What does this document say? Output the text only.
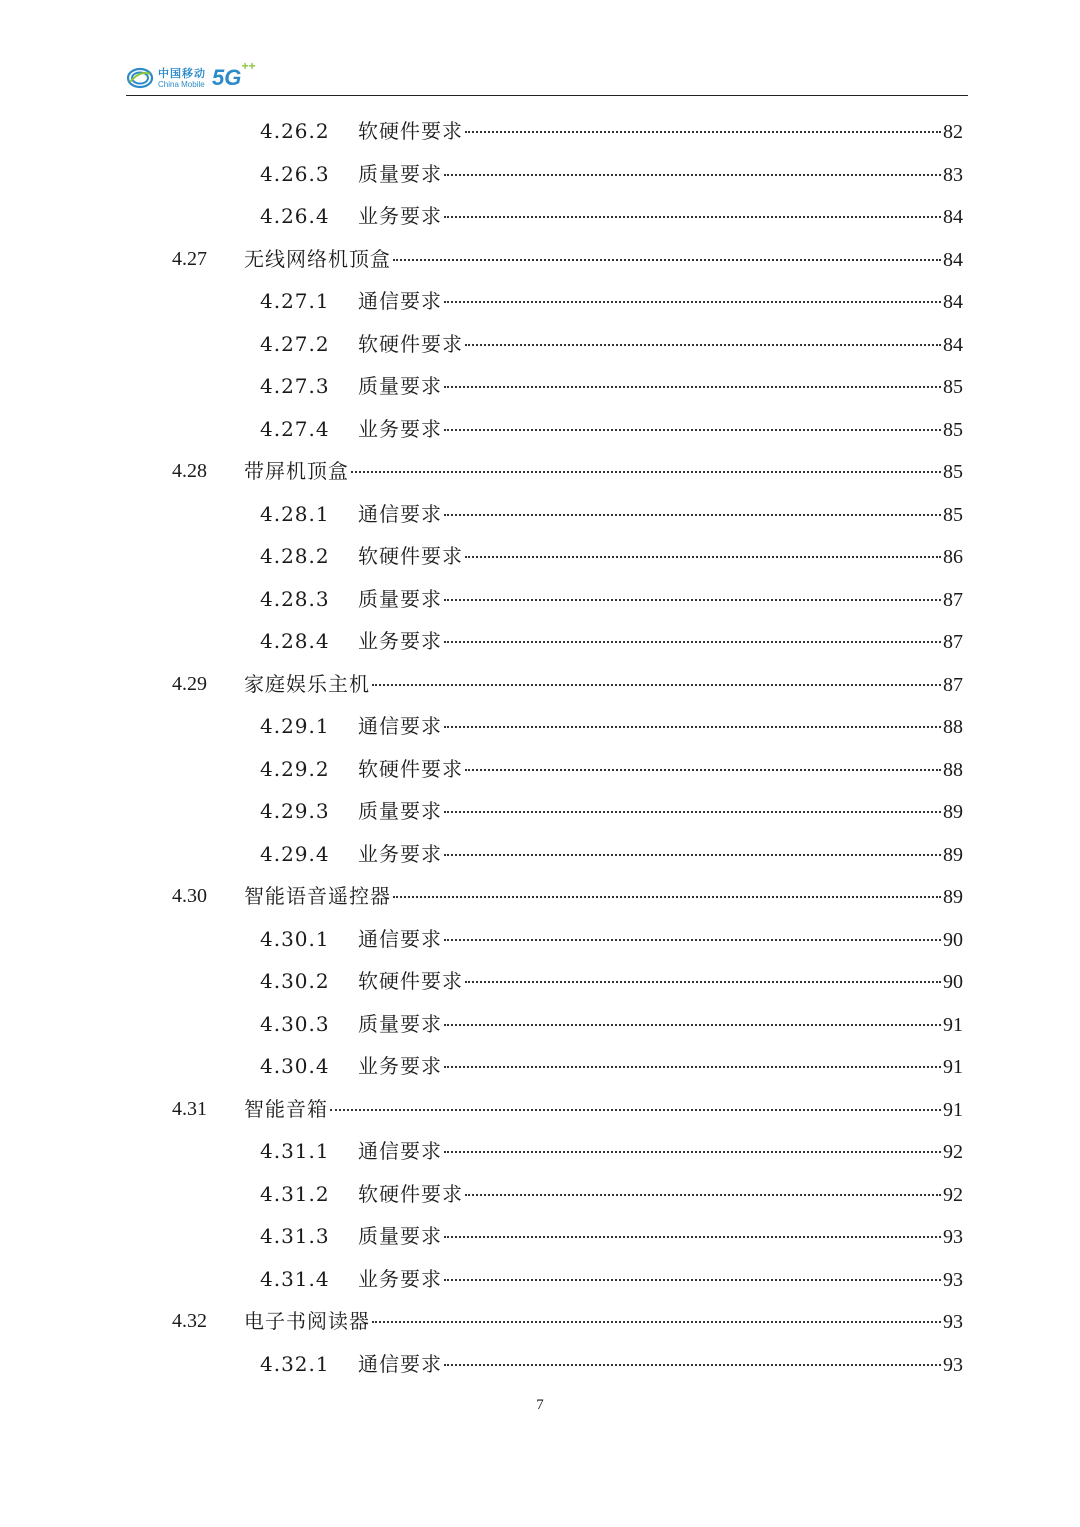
中国移动
China Mobile 5G ++
4.26.2 软硬件要求	82
4.26.3 质量要求	83
4.26.4 业务要求	84
4.27 无线网络机顶盒	84
4.27.1 通信要求	84
4.27.2 软硬件要求	84
4.27.3 质量要求	85
4.27.4 业务要求	85
4.28 带屏机顶盒	85
4.28.1 通信要求	85
4.28.2 软硬件要求	86
4.28.3 质量要求	87
4.28.4 业务要求	87
4.29 家庭娱乐主机	87
4.29.1 通信要求	88
4.29.2 软硬件要求	88
4.29.3 质量要求	89
4.29.4 业务要求	89
4.30 智能语音遥控器	89
4.30.1 通信要求	90
4.30.2 软硬件要求	90
4.30.3 质量要求	91
4.30.4 业务要求	91
4.31 智能音箱	91
4.31.1 通信要求	92
4.31.2 软硬件要求	92
4.31.3 质量要求	93
4.31.4 业务要求	93
4.32 电子书阅读器	93
4.32.1 通信要求	93
7
